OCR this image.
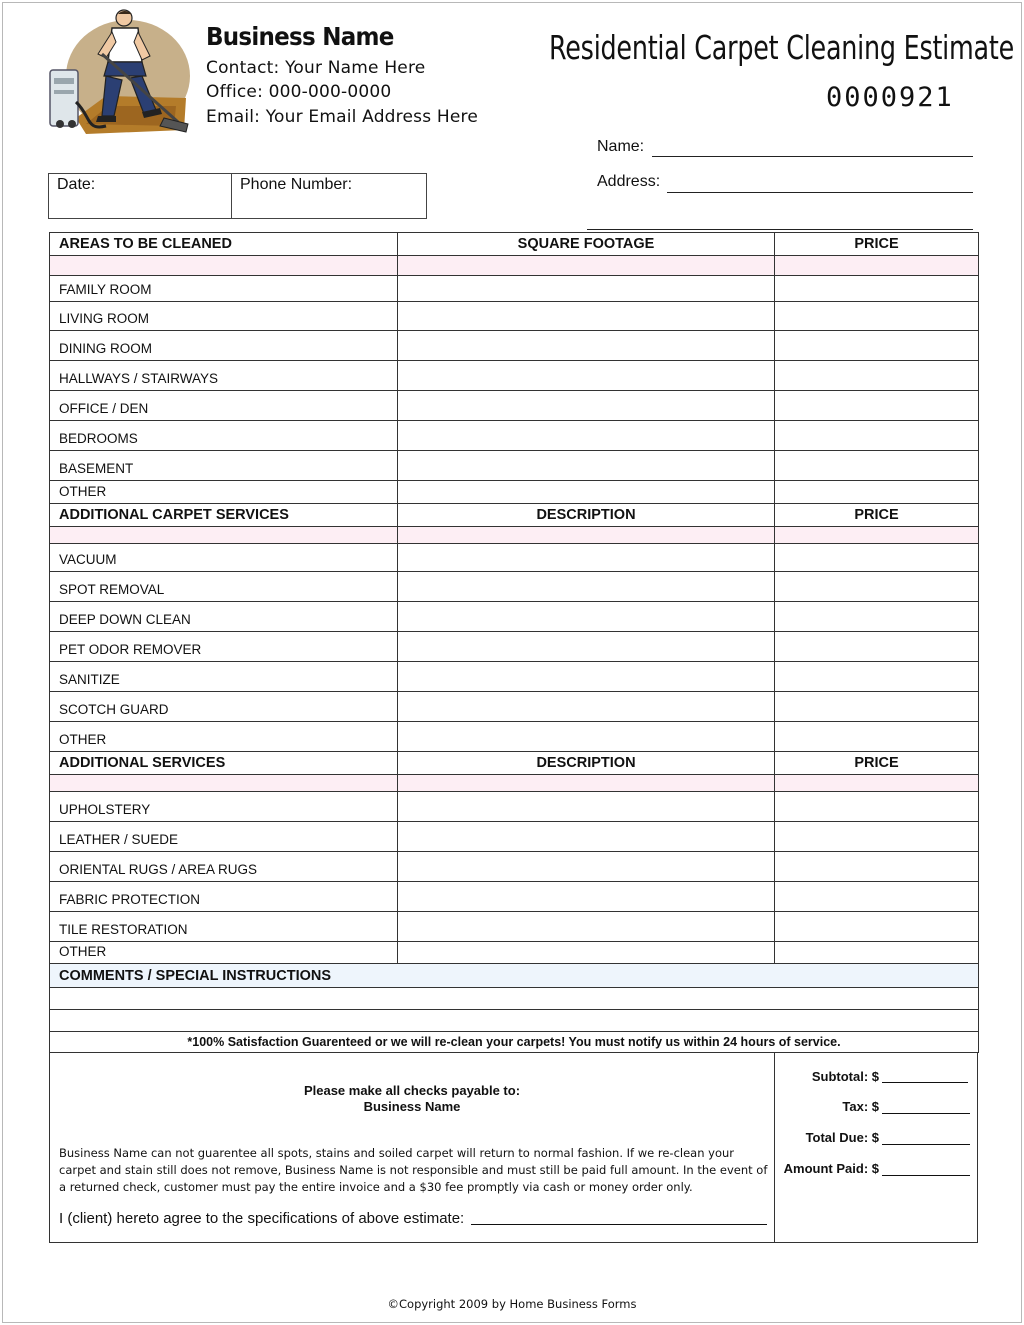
Business Name
Contact: Your Name Here
Office: 000-000-0000
Email: Your Email Address Here
Residential Carpet Cleaning Estimate
0000921
Name:
Address:
Date:	Phone Number:
AREAS TO BE CLEANED	SQUARE FOOTAGE	PRICE

FAMILY ROOM		
LIVING ROOM		
DINING ROOM		
HALLWAYS / STAIRWAYS		
OFFICE / DEN		
BEDROOMS		
BASEMENT		
OTHER		
ADDITIONAL CARPET SERVICES	DESCRIPTION	PRICE

VACUUM		
SPOT REMOVAL		
DEEP DOWN CLEAN		
PET ODOR REMOVER		
SANITIZE		
SCOTCH GUARD		
OTHER		
ADDITIONAL SERVICES	DESCRIPTION	PRICE

UPHOLSTERY		
LEATHER / SUEDE		
ORIENTAL RUGS / AREA RUGS		
FABRIC PROTECTION		
TILE RESTORATION		
OTHER		
COMMENTS / SPECIAL INSTRUCTIONS		

*100% Satisfaction Guarenteed or we will re-clean your carpets! You must notify us within 24 hours of service.		
Please make all checks payable to:
Business Name
Business Name can not guarentee all spots, stains and soiled carpet will return to normal fashion. If we re-clean your carpet and stain still does not remove, Business Name is not responsible and must still be paid full amount. In the event of a returned check, customer must pay the entire invoice and a $30 fee promptly via cash or money order only.
I (client) hereto agree to the specifications of above estimate:
Subtotal: $
Tax: $
Total Due: $
Amount Paid: $
©Copyright 2009 by Home Business Forms
